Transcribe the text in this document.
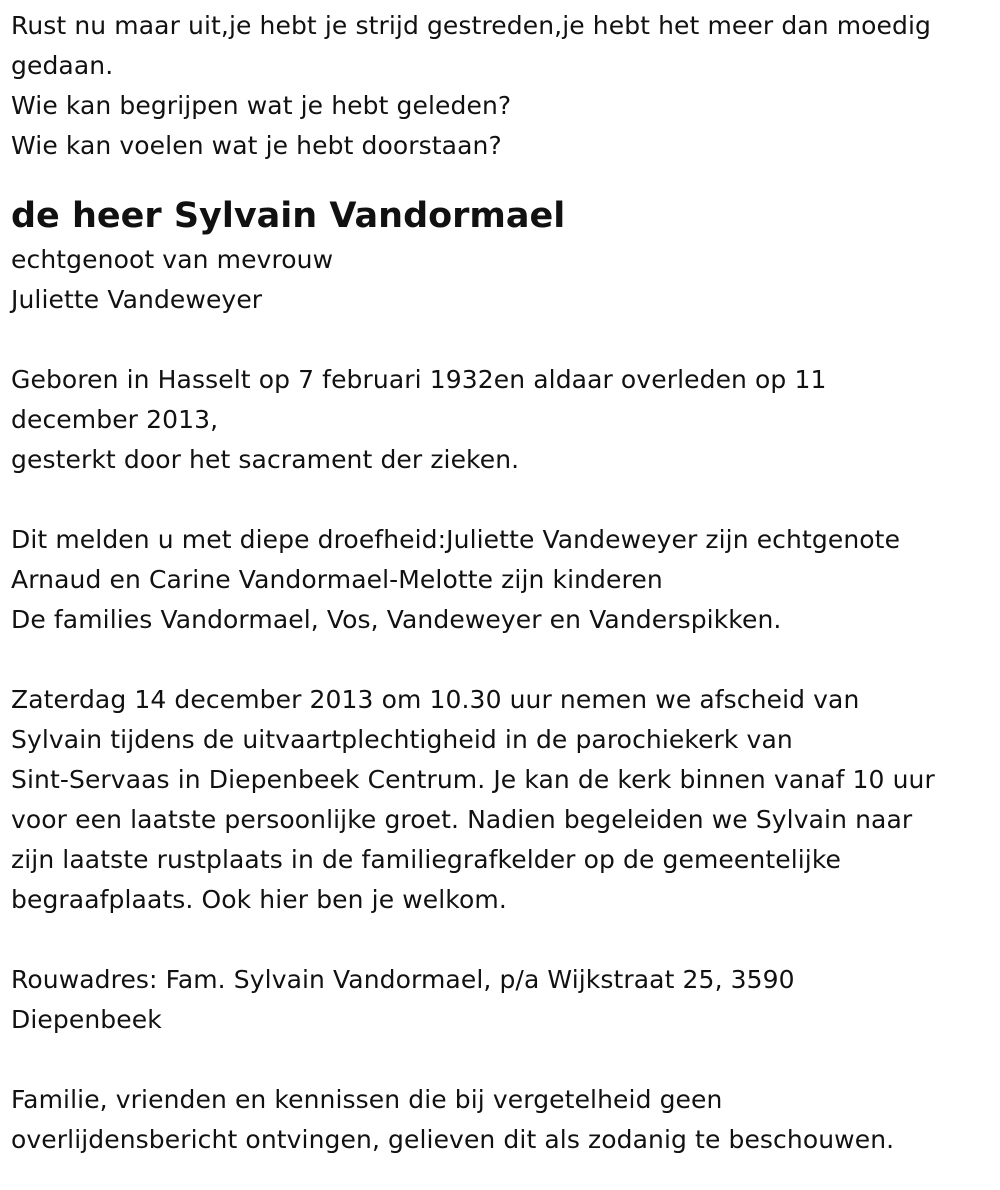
Rust nu maar uit,je hebt je strijd gestreden,je hebt het meer dan moedig
gedaan.
Wie kan begrijpen wat je hebt geleden?
Wie kan voelen wat je hebt doorstaan?
de heer Sylvain Vandormael
echtgenoot van mevrouw
Juliette Vandeweyer
Geboren in Hasselt op 7 februari 1932en aldaar overleden op 11
december 2013,
gesterkt door het sacrament der zieken.
Dit melden u met diepe droefheid:Juliette Vandeweyer zijn echtgenote
Arnaud en Carine Vandormael-Melotte zijn kinderen
De families Vandormael, Vos, Vandeweyer en Vanderspikken.
Zaterdag 14 december 2013 om 10.30 uur nemen we afscheid van
Sylvain tijdens de uitvaartplechtigheid in de parochiekerk van
Sint-Servaas in Diepenbeek Centrum. Je kan de kerk binnen vanaf 10 uur
voor een laatste persoonlijke groet. Nadien begeleiden we Sylvain naar
zijn laatste rustplaats in de familiegrafkelder op de gemeentelijke
begraafplaats. Ook hier ben je welkom.
Rouwadres: Fam. Sylvain Vandormael, p/a Wijkstraat 25, 3590
Diepenbeek
Familie, vrienden en kennissen die bij vergetelheid geen
overlijdensbericht ontvingen, gelieven dit als zodanig te beschouwen.
